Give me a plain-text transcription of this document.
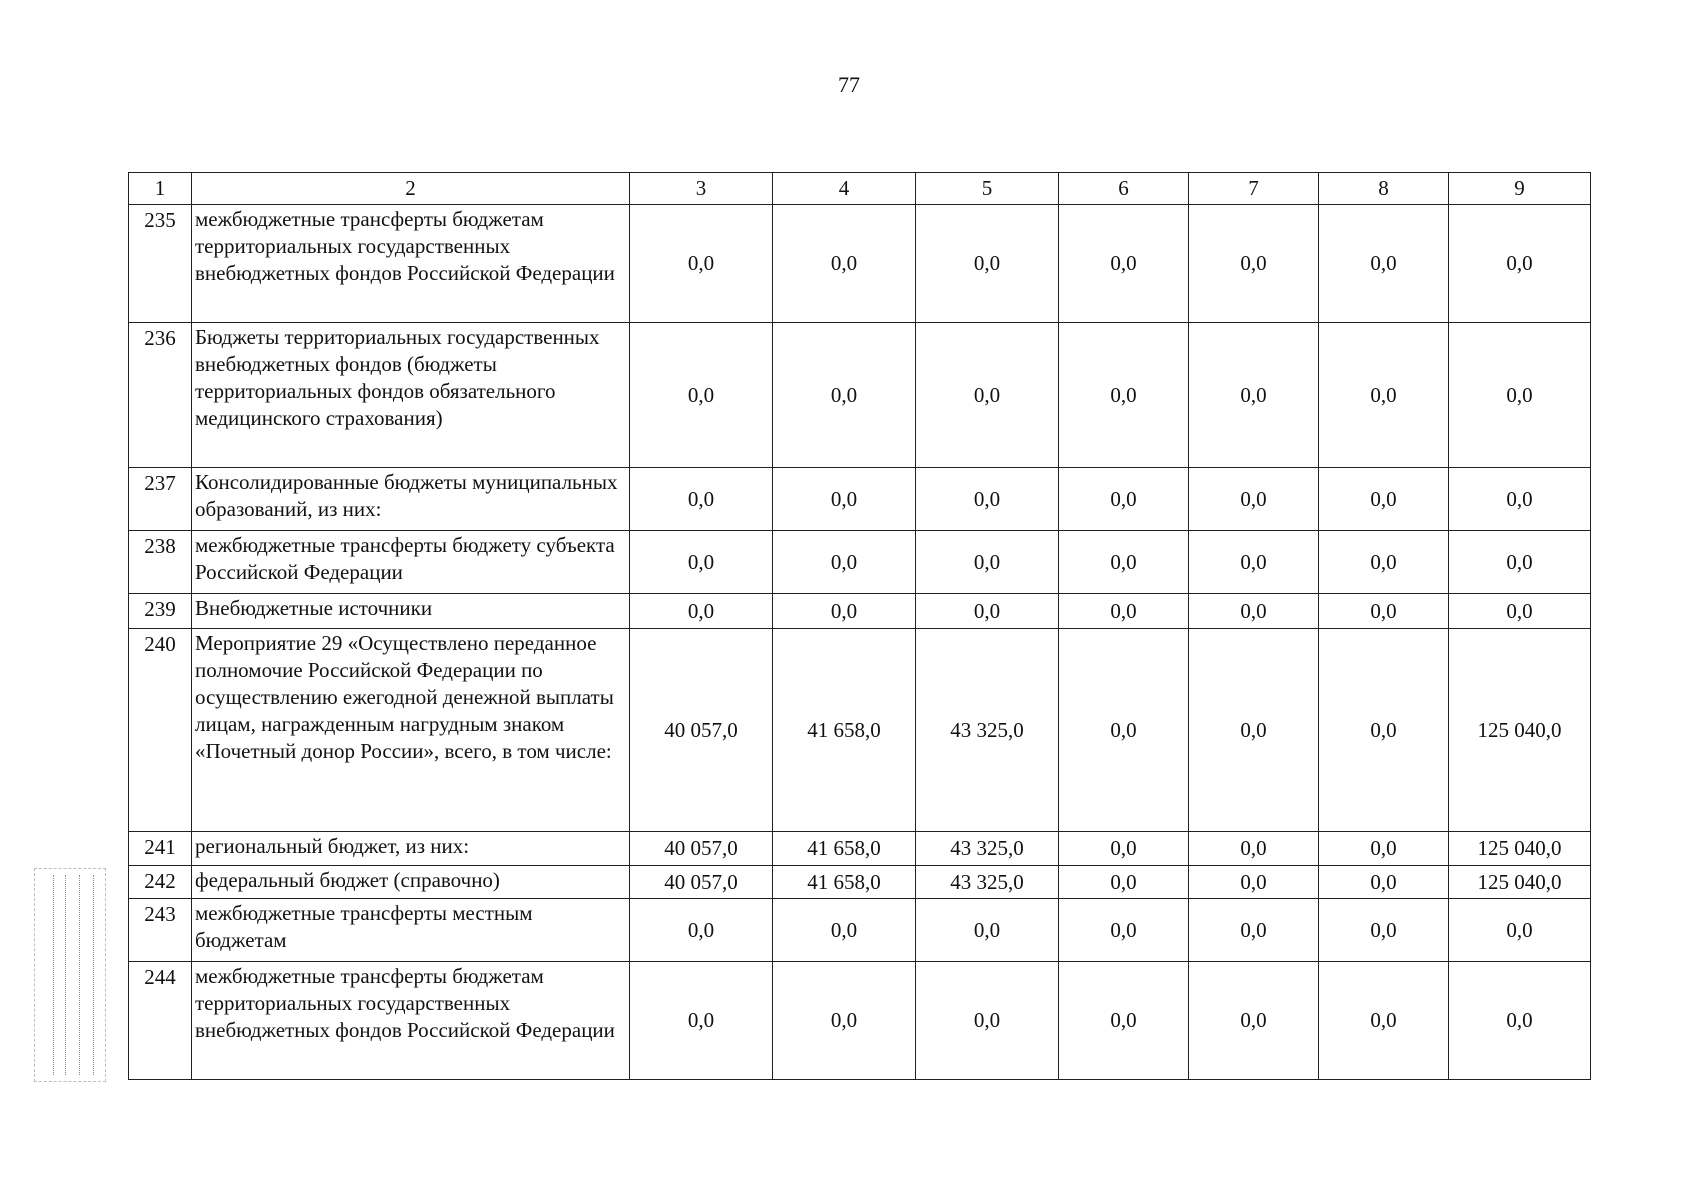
77
1	2	3	4	5	6	7	8	9
235	межбюджетные трансферты бюджетам территориальных государственных внебюджетных фондов Российской Федерации	0,0	0,0	0,0	0,0	0,0	0,0	0,0
236	Бюджеты территориальных государственных внебюджетных фондов (бюджеты территориальных фондов обязательного медицинского страхования)	0,0	0,0	0,0	0,0	0,0	0,0	0,0
237	Консолидированные бюджеты муниципальных образований, из них:	0,0	0,0	0,0	0,0	0,0	0,0	0,0
238	межбюджетные трансферты бюджету субъекта Российской Федерации	0,0	0,0	0,0	0,0	0,0	0,0	0,0
239	Внебюджетные источники	0,0	0,0	0,0	0,0	0,0	0,0	0,0
240	Мероприятие 29 «Осуществлено переданное полномочие Российской Федерации по осуществлению ежегодной денежной выплаты лицам, награжденным нагрудным знаком «Почетный донор России», всего, в том числе:	40 057,0	41 658,0	43 325,0	0,0	0,0	0,0	125 040,0
241	региональный бюджет, из них:	40 057,0	41 658,0	43 325,0	0,0	0,0	0,0	125 040,0
242	федеральный бюджет (справочно)	40 057,0	41 658,0	43 325,0	0,0	0,0	0,0	125 040,0
243	межбюджетные трансферты местным бюджетам	0,0	0,0	0,0	0,0	0,0	0,0	0,0
244	межбюджетные трансферты бюджетам территориальных государственных внебюджетных фондов Российской Федерации	0,0	0,0	0,0	0,0	0,0	0,0	0,0
